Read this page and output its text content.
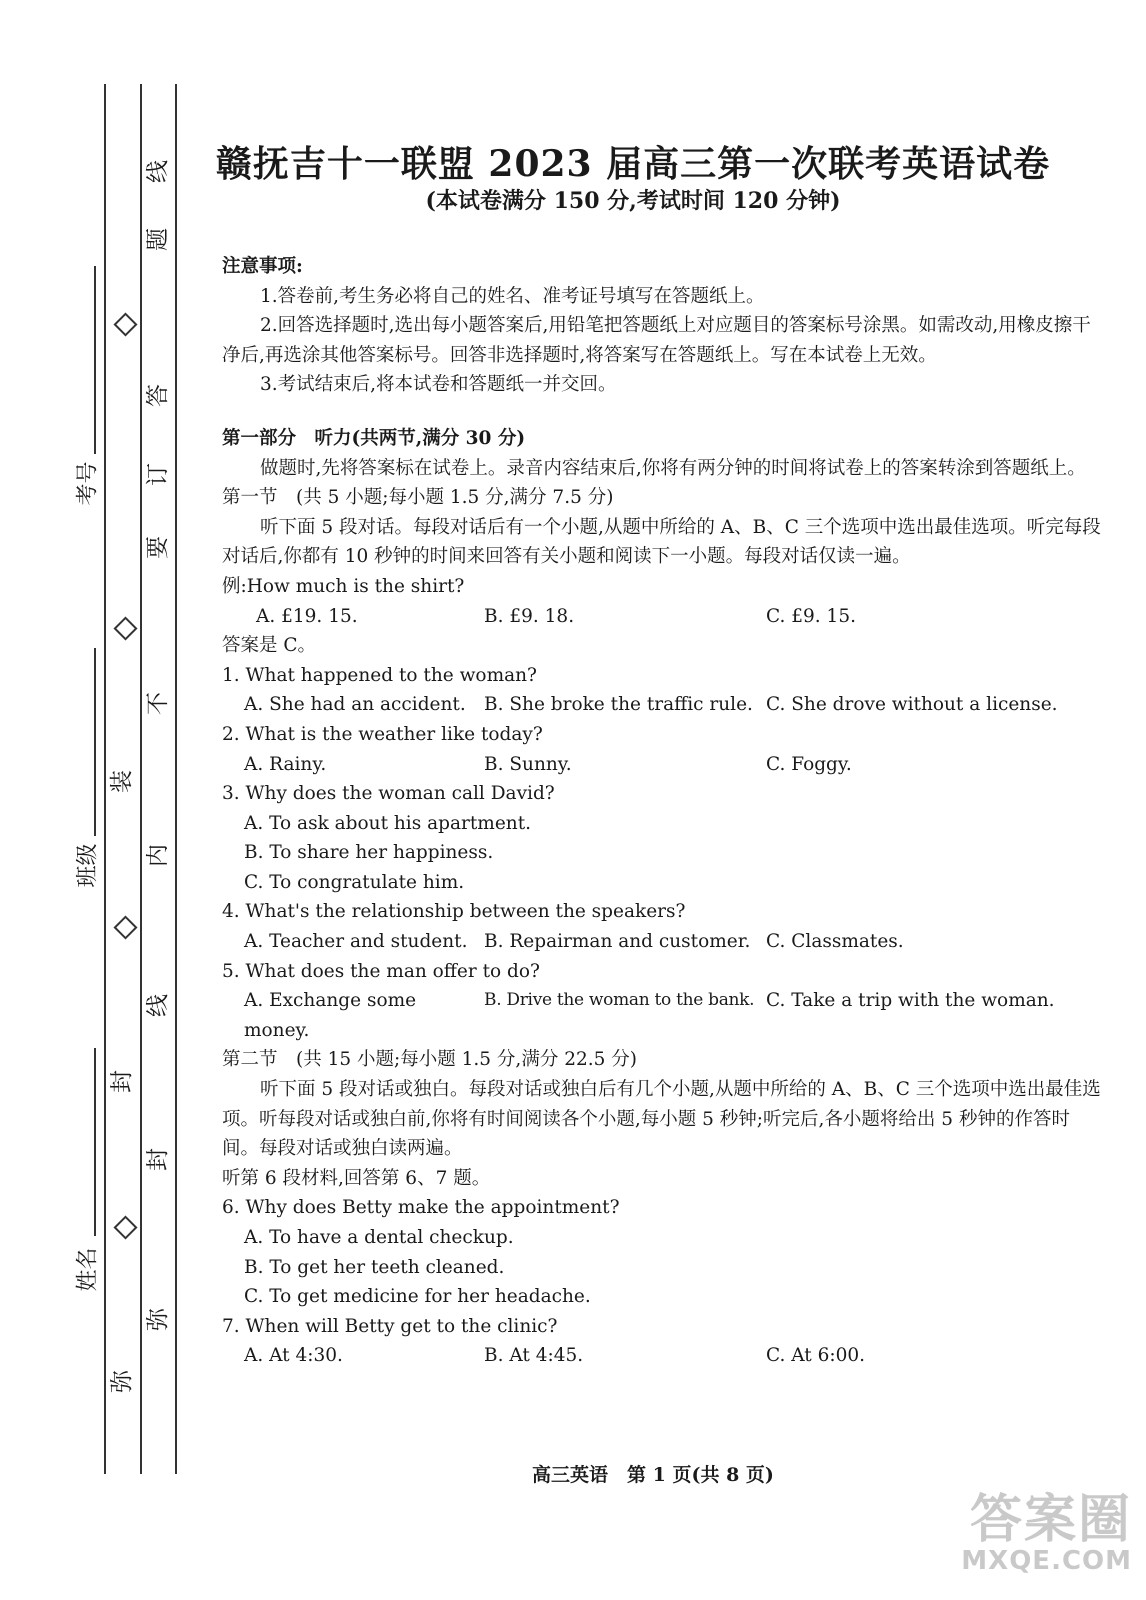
装
封
弥
线
题
答
订
要
不
内
线
封
弥
考号
班级
姓名
赣抚吉十一联盟 2023 届高三第一次联考英语试卷
(本试卷满分 150 分,考试时间 120 分钟)

注意事项:

1.答卷前,考生务必将自己的姓名、准考证号填写在答题纸上。

2.回答选择题时,选出每小题答案后,用铅笔把答题纸上对应题目的答案标号涂黑。如需改动,用橡皮擦干净后,再选涂其他答案标号。回答非选择题时,将答案写在答题纸上。写在本试卷上无效。

3.考试结束后,将本试卷和答题纸一并交回。

第一部分　听力(共两节,满分 30 分)

做题时,先将答案标在试卷上。录音内容结束后,你将有两分钟的时间将试卷上的答案转涂到答题纸上。

第一节　(共 5 小题;每小题 1.5 分,满分 7.5 分)

听下面 5 段对话。每段对话后有一个小题,从题中所给的 A、B、C 三个选项中选出最佳选项。听完每段对话后,你都有 10 秒钟的时间来回答有关小题和阅读下一小题。每段对话仅读一遍。

例:How much is the shirt?

A. £19. 15.	B. £9. 18.	C. £9. 15.

答案是 C。

1. What happened to the woman?

A. She had an accident. B. She broke the traffic rule. C. She drove without a license.

2. What is the weather like today?

A. Rainy.	B. Sunny.	C. Foggy.

3. Why does the woman call David?

A. To ask about his apartment.

B. To share her happiness.

C. To congratulate him.

4. What's the relationship between the speakers?

A. Teacher and student. B. Repairman and customer. C. Classmates.

5. What does the man offer to do?

A. Exchange some money.
B. Drive the woman to the bank. C. Take a trip with the woman.

第二节　(共 15 小题;每小题 1.5 分,满分 22.5 分)

听下面 5 段对话或独白。每段对话或独白后有几个小题,从题中所给的 A、B、C 三个选项中选出最佳选项。听每段对话或独白前,你将有时间阅读各个小题,每小题 5 秒钟;听完后,各小题将给出 5 秒钟的作答时间。每段对话或独白读两遍。

听第 6 段材料,回答第 6、7 题。

6. Why does Betty make the appointment?

A. To have a dental checkup.

B. To get her teeth cleaned.

C. To get medicine for her headache.

7. When will Betty get to the clinic?

A. At 4:30.	B. At 4:45.	C. At 6:00.
高三英语　第 1 页(共 8 页)
答案圈
MXQE.COM
